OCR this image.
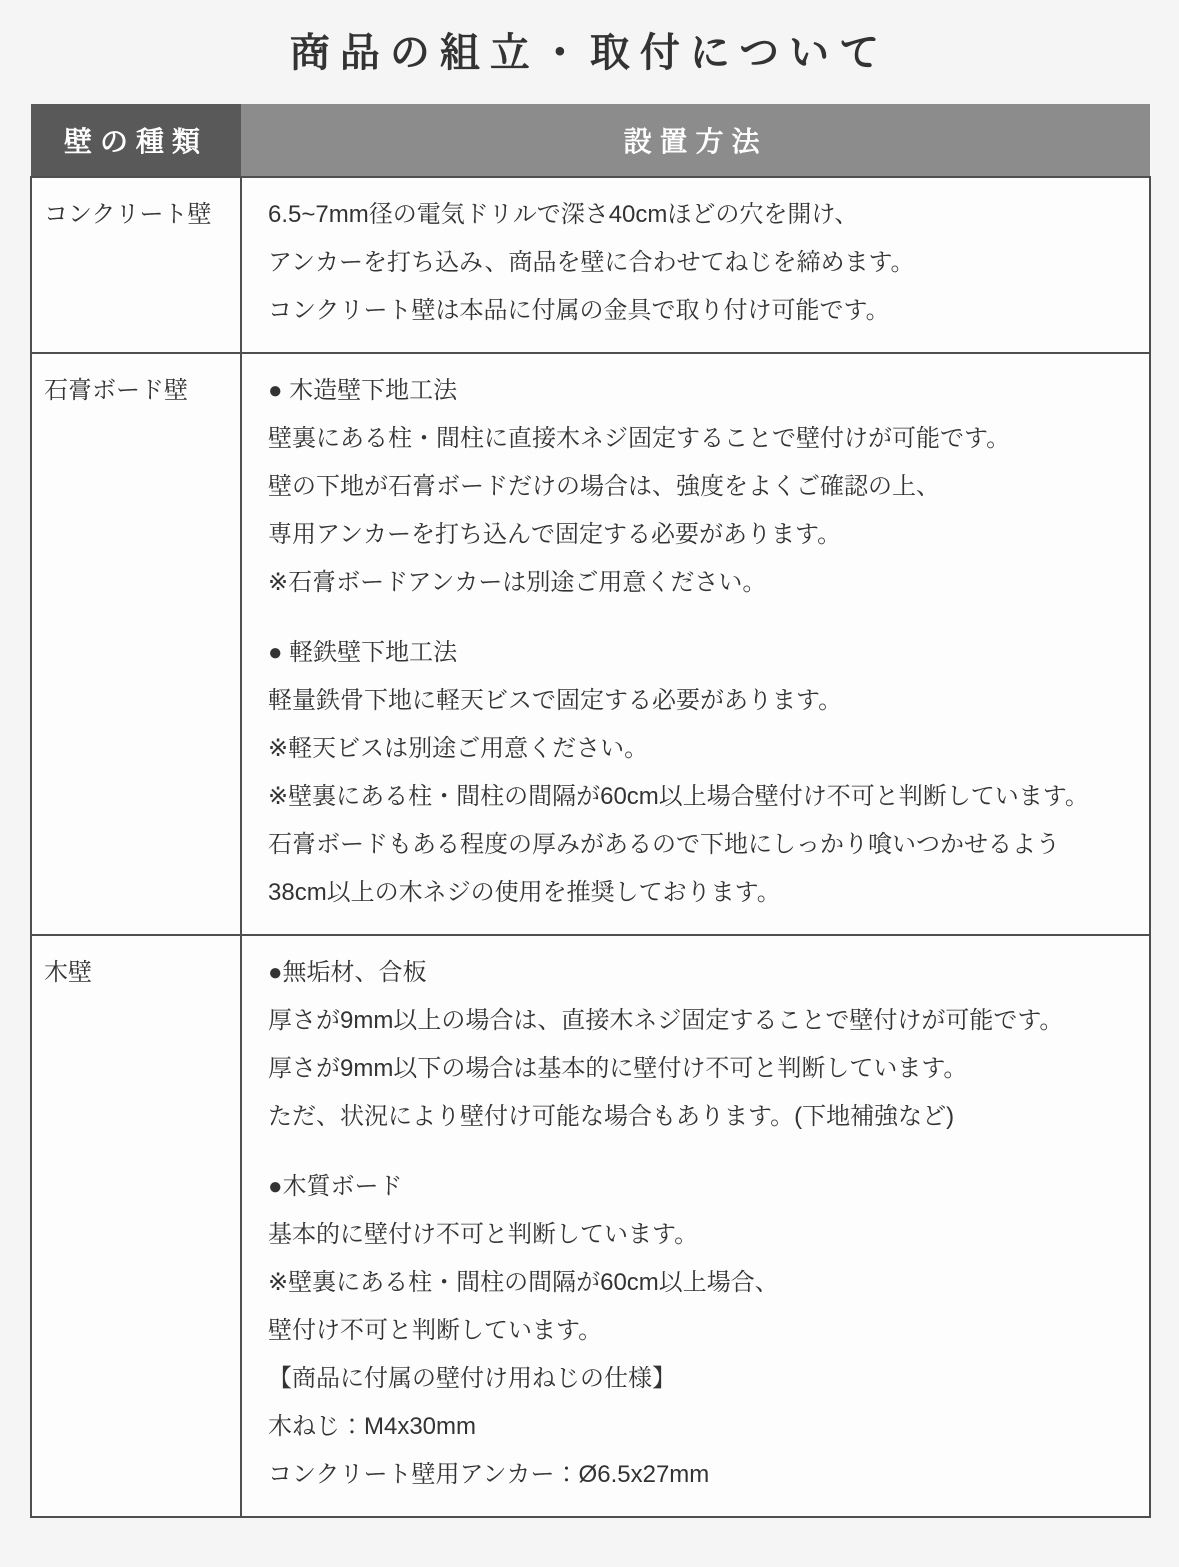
商品の組立・取付について
壁の種類	設置方法
コンクリート壁	6.5~7mm径の電気ドリルで深さ40cmほどの穴を開け、
アンカーを打ち込み、商品を壁に合わせてねじを締めます。
コンクリート壁は本品に付属の金具で取り付け可能です。

石膏ボード壁	● 木造壁下地工法
壁裏にある柱・間柱に直接木ネジ固定することで壁付けが可能です。
壁の下地が石膏ボードだけの場合は、強度をよくご確認の上、
専用アンカーを打ち込んで固定する必要があります。
※石膏ボードアンカーは別途ご用意ください。
● 軽鉄壁下地工法
軽量鉄骨下地に軽天ビスで固定する必要があります。
※軽天ビスは別途ご用意ください。
※壁裏にある柱・間柱の間隔が60cm以上場合壁付け不可と判断しています。
石膏ボードもある程度の厚みがあるので下地にしっかり喰いつかせるよう
38cm以上の木ネジの使用を推奨しております。

木壁	●無垢材、合板
厚さが9mm以上の場合は、直接木ネジ固定することで壁付けが可能です。
厚さが9mm以下の場合は基本的に壁付け不可と判断しています。
ただ、状況により壁付け可能な場合もあります。(下地補強など)
●木質ボード
基本的に壁付け不可と判断しています。
※壁裏にある柱・間柱の間隔が60cm以上場合、
壁付け不可と判断しています。
【商品に付属の壁付け用ねじの仕様】
木ねじ：M4x30mm
コンクリート壁用アンカー：Ø6.5x27mm
